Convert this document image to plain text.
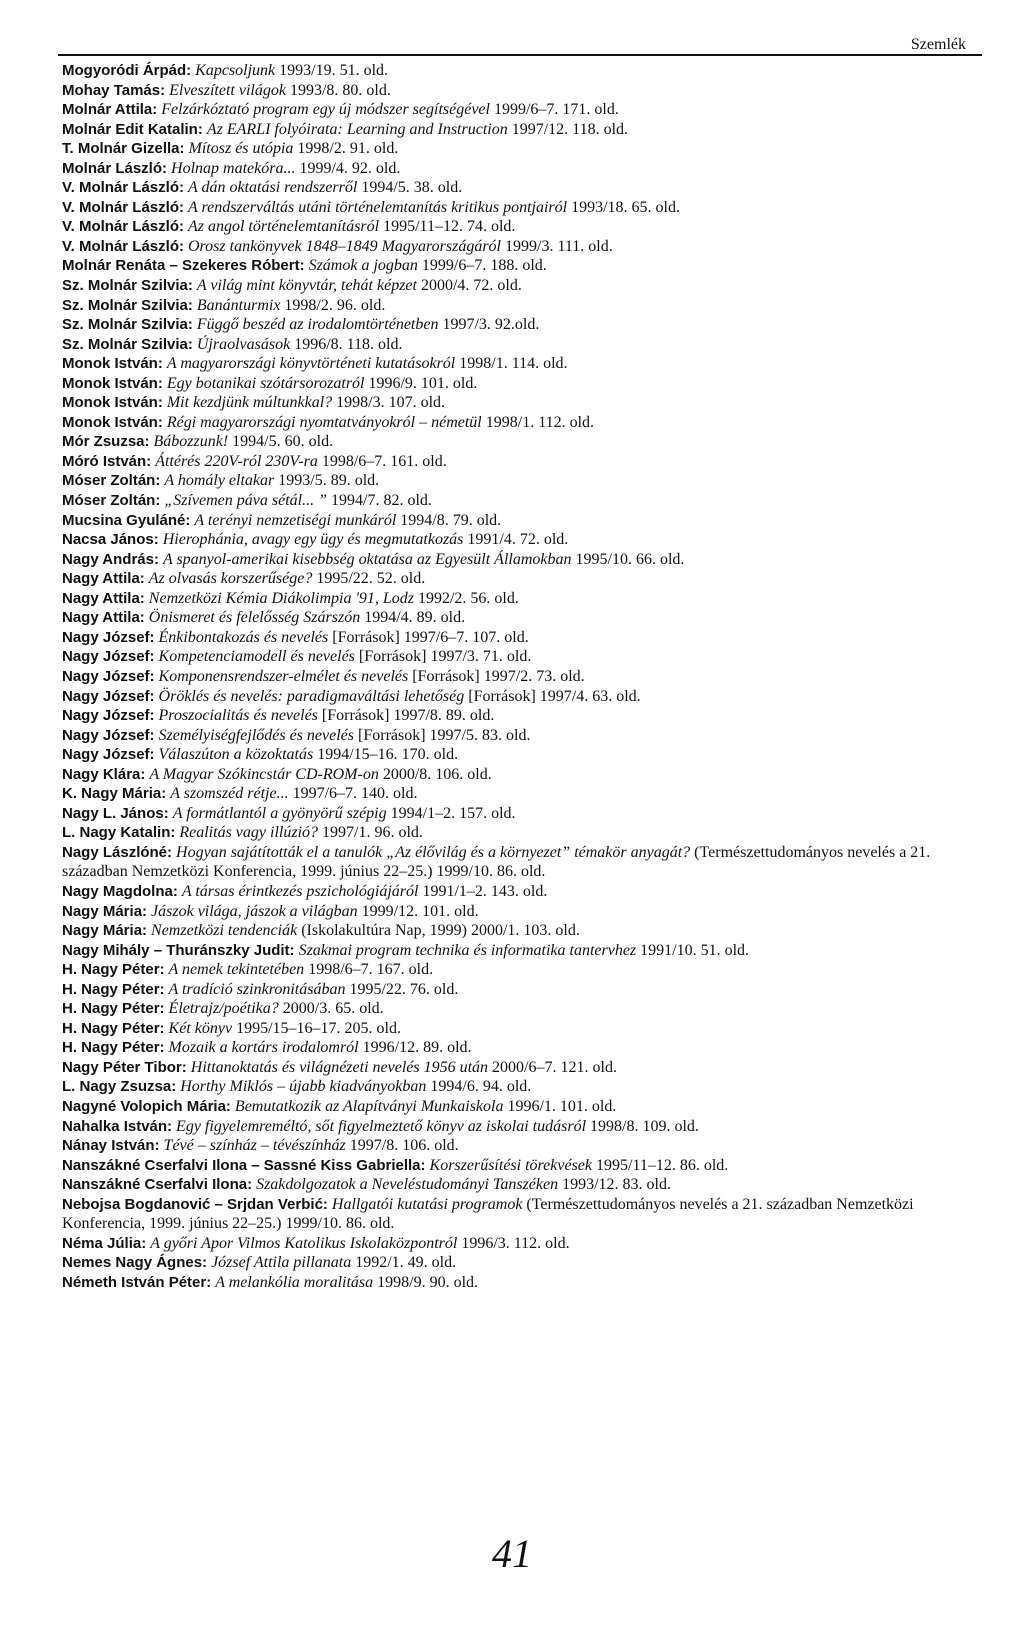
Szemlék
Mogyoródi Árpád: Kapcsoljunk 1993/19. 51. old.
Mohay Tamás: Elveszített világok 1993/8. 80. old.
Molnár Attila: Felzárkóztató program egy új módszer segítségével 1999/6–7. 171. old.
Molnár Edit Katalin: Az EARLI folyóirata: Learning and Instruction 1997/12. 118. old.
T. Molnár Gizella: Mítosz és utópia 1998/2. 91. old.
Molnár László: Holnap matekóra... 1999/4. 92. old.
V. Molnár László: A dán oktatási rendszerről 1994/5. 38. old.
V. Molnár László: A rendszerváltás utáni történelemtanítás kritikus pontjairól 1993/18. 65. old.
V. Molnár László: Az angol történelemtanításról 1995/11–12. 74. old.
V. Molnár László: Orosz tankönyvek 1848–1849 Magyarországáról 1999/3. 111. old.
Molnár Renáta – Szekeres Róbert: Számok a jogban 1999/6–7. 188. old.
Sz. Molnár Szilvia: A világ mint könyvtár, tehát képzet 2000/4. 72. old.
Sz. Molnár Szilvia: Banánturmix 1998/2. 96. old.
Sz. Molnár Szilvia: Függő beszéd az irodalomtörténetben 1997/3. 92.old.
Sz. Molnár Szilvia: Újraolvasások 1996/8. 118. old.
Monok István: A magyarországi könyvtörténeti kutatásokról 1998/1. 114. old.
Monok István: Egy botanikai szótársorozatról 1996/9. 101. old.
Monok István: Mit kezdjünk múltunkkal? 1998/3. 107. old.
Monok István: Régi magyarországi nyomtatványokról – németül 1998/1. 112. old.
Mór Zsuzsa: Bábozzunk! 1994/5. 60. old.
Móró István: Áttérés 220V-ról 230V-ra 1998/6–7. 161. old.
Móser Zoltán: A homály eltakar 1993/5. 89. old.
Móser Zoltán: „Szívemen páva sétál... ” 1994/7. 82. old.
Mucsina Gyuláné: A terényi nemzetiségi munkáról 1994/8. 79. old.
Nacsa János: Hierophánia, avagy egy ügy és megmutatkozás 1991/4. 72. old.
Nagy András: A spanyol-amerikai kisebbség oktatása az Egyesült Államokban 1995/10. 66. old.
Nagy Attila: Az olvasás korszerűsége? 1995/22. 52. old.
Nagy Attila: Nemzetközi Kémia Diákolimpia '91, Lodz 1992/2. 56. old.
Nagy Attila: Önismeret és felelősség Szárszón 1994/4. 89. old.
Nagy József: Énkibontakozás és nevelés [Források] 1997/6–7. 107. old.
Nagy József: Kompetenciamodell és nevelés [Források] 1997/3. 71. old.
Nagy József: Komponensrendszer-elmélet és nevelés [Források] 1997/2. 73. old.
Nagy József: Öröklés és nevelés: paradigmaváltási lehetőség [Források] 1997/4. 63. old.
Nagy József: Proszocialitás és nevelés [Források] 1997/8. 89. old.
Nagy József: Személyiségfejlődés és nevelés [Források] 1997/5. 83. old.
Nagy József: Válaszúton a közoktatás 1994/15–16. 170. old.
Nagy Klára: A Magyar Szókincstár CD-ROM-on 2000/8. 106. old.
K. Nagy Mária: A szomszéd rétje... 1997/6–7. 140. old.
Nagy L. János: A formátlantól a gyönyörű szépig 1994/1–2. 157. old.
L. Nagy Katalin: Realitás vagy illúzió? 1997/1. 96. old.
Nagy Lászlóné: Hogyan sajátították el a tanulók „Az élővilág és a környezet” témakör anyagát? (Természettudományos nevelés a 21. században Nemzetközi Konferencia, 1999. június 22–25.) 1999/10. 86. old.
Nagy Magdolna: A társas érintkezés pszichológiájáról 1991/1–2. 143. old.
Nagy Mária: Jászok világa, jászok a világban 1999/12. 101. old.
Nagy Mária: Nemzetközi tendenciák (Iskolakultúra Nap, 1999) 2000/1. 103. old.
Nagy Mihály – Thuránszky Judit: Szakmai program technika és informatika tantervhez 1991/10. 51. old.
H. Nagy Péter: A nemek tekintetében 1998/6–7. 167. old.
H. Nagy Péter: A tradíció szinkronitásában 1995/22. 76. old.
H. Nagy Péter: Életrajz/poétika? 2000/3. 65. old.
H. Nagy Péter: Két könyv 1995/15–16–17. 205. old.
H. Nagy Péter: Mozaik a kortárs irodalomról 1996/12. 89. old.
Nagy Péter Tibor: Hittanoktatás és világnézeti nevelés 1956 után 2000/6–7. 121. old.
L. Nagy Zsuzsa: Horthy Miklós – újabb kiadványokban 1994/6. 94. old.
Nagyné Volopich Mária: Bemutatkozik az Alapítványi Munkaiskola 1996/1. 101. old.
Nahalka István: Egy figyelemreméltó, sőt figyelmeztető könyv az iskolai tudásról 1998/8. 109. old.
Nánay István: Tévé – színház – tévészínház 1997/8. 106. old.
Nanszákné Cserfalvi Ilona – Sassné Kiss Gabriella: Korszerűsítési törekvések 1995/11–12. 86. old.
Nanszákné Cserfalvi Ilona: Szakdolgozatok a Neveléstudományi Tanszéken 1993/12. 83. old.
Nebojsa Bogdanović – Srjdan Verbić: Hallgatói kutatási programok (Természettudományos nevelés a 21. században Nemzetközi Konferencia, 1999. június 22–25.) 1999/10. 86. old.
Néma Júlia: A győri Apor Vilmos Katolikus Iskolaközpontról 1996/3. 112. old.
Nemes Nagy Ágnes: József Attila pillanata 1992/1. 49. old.
Németh István Péter: A melankólia moralitása 1998/9. 90. old.
41
